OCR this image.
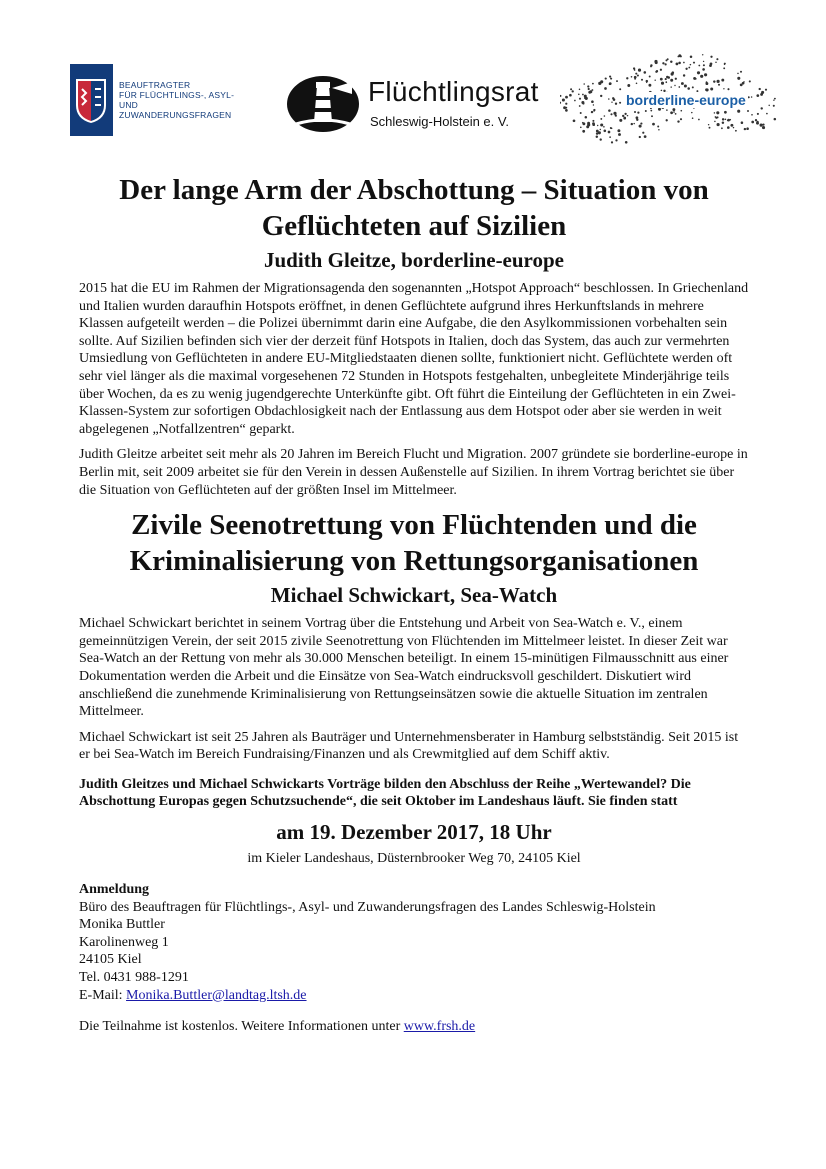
BEAUFTRAGTER
FÜR FLÜCHTLINGS-, ASYL- UND
ZUWANDERUNGSFRAGEN
Flüchtlingsrat
Schleswig-Holstein e. V.
borderline-europe
Der lange Arm der Abschottung – Situation von Geflüchteten auf Sizilien
Judith Gleitze, borderline-europe

2015 hat die EU im Rahmen der Migrationsagenda den sogenannten „Hotspot Approach“ beschlossen. In Griechenland und Italien wurden daraufhin Hotspots eröffnet, in denen Geflüchtete aufgrund ihres Herkunftslands in mehrere Klassen aufgeteilt werden – die Polizei übernimmt darin eine Aufgabe, die den Asylkommissionen vorbehalten sein sollte. Auf Sizilien befinden sich vier der derzeit fünf Hotspots in Italien, doch das System, das auch zur vermehrten Umsiedlung von Geflüchteten in andere EU-Mitgliedstaaten dienen sollte, funktioniert nicht. Geflüchtete werden oft sehr viel länger als die maximal vorgesehenen 72 Stunden in Hotspots festgehalten, unbegleitete Minderjährige teils über Wochen, da es zu wenig jugendgerechte Unterkünfte gibt. Oft führt die Einteilung der Geflüchteten in ein Zwei-Klassen-System zur sofortigen Obdachlosigkeit nach der Entlassung aus dem Hotspot oder aber sie werden in weit abgelegenen „Notfallzentren“ geparkt.

Judith Gleitze arbeitet seit mehr als 20 Jahren im Bereich Flucht und Migration. 2007 gründete sie borderline-europe in Berlin mit, seit 2009 arbeitet sie für den Verein in dessen Außenstelle auf Sizilien. In ihrem Vortrag berichtet sie über die Situation von Geflüchteten auf der größten Insel im Mittelmeer.

Zivile Seenotrettung von Flüchtenden und die Kriminalisierung von Rettungsorganisationen
Michael Schwickart, Sea-Watch

Michael Schwickart berichtet in seinem Vortrag über die Entstehung und Arbeit von Sea-Watch e. V., einem gemeinnützigen Verein, der seit 2015 zivile Seenotrettung von Flüchtenden im Mittelmeer leistet. In dieser Zeit war Sea-Watch an der Rettung von mehr als 30.000 Menschen beteiligt. In einem 15-minütigen Filmausschnitt aus einer Dokumentation werden die Arbeit und die Einsätze von Sea-Watch eindrucksvoll geschildert. Diskutiert wird anschließend die zunehmende Kriminalisierung von Rettungseinsätzen sowie die aktuelle Situation im zentralen Mittelmeer.

Michael Schwickart ist seit 25 Jahren als Bauträger und Unternehmensberater in Hamburg selbstständig. Seit 2015 ist er bei Sea-Watch im Bereich Fundraising/Finanzen und als Crewmitglied auf dem Schiff aktiv.

Judith Gleitzes und Michael Schwickarts Vorträge bilden den Abschluss der Reihe „Wertewandel? Die Abschottung Europas gegen Schutzsuchende“, die seit Oktober im Landeshaus läuft. Sie finden statt

am 19. Dezember 2017, 18 Uhr
im Kieler Landeshaus, Düsternbrooker Weg 70, 24105 Kiel
Anmeldung
Büro des Beauftragen für Flüchtlings-, Asyl- und Zuwanderungsfragen des Landes Schleswig-Holstein
Monika Buttler
Karolinenweg 1
24105 Kiel
Tel. 0431 988-1291
E-Mail: Monika.Buttler@landtag.ltsh.de
Die Teilnahme ist kostenlos. Weitere Informationen unter www.frsh.de
